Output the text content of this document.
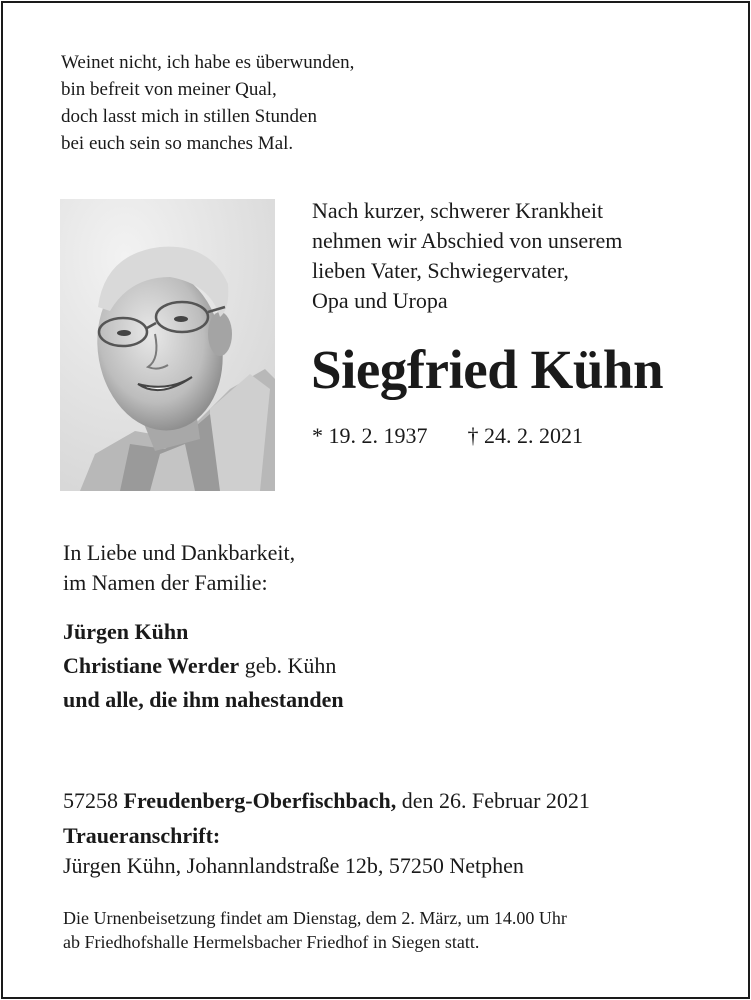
Weinet nicht, ich habe es überwunden,
bin befreit von meiner Qual,
doch lasst mich in stillen Stunden
bei euch sein so manches Mal.
Nach kurzer, schwerer Krankheit
nehmen wir Abschied von unserem
lieben Vater, Schwiegervater,
Opa und Uropa
Siegfried Kühn
* 19. 2. 1937 † 24. 2. 2021
In Liebe und Dankbarkeit,
im Namen der Familie:
Jürgen Kühn
Christiane Werder geb. Kühn
und alle, die ihm nahestanden
57258 Freudenberg-Oberfischbach, den 26. Februar 2021
Traueranschrift:
Jürgen Kühn, Johannlandstraße 12b, 57250 Netphen
Die Urnenbeisetzung findet am Dienstag, dem 2. März, um 14.00 Uhr
ab Friedhofshalle Hermelsbacher Friedhof in Siegen statt.
